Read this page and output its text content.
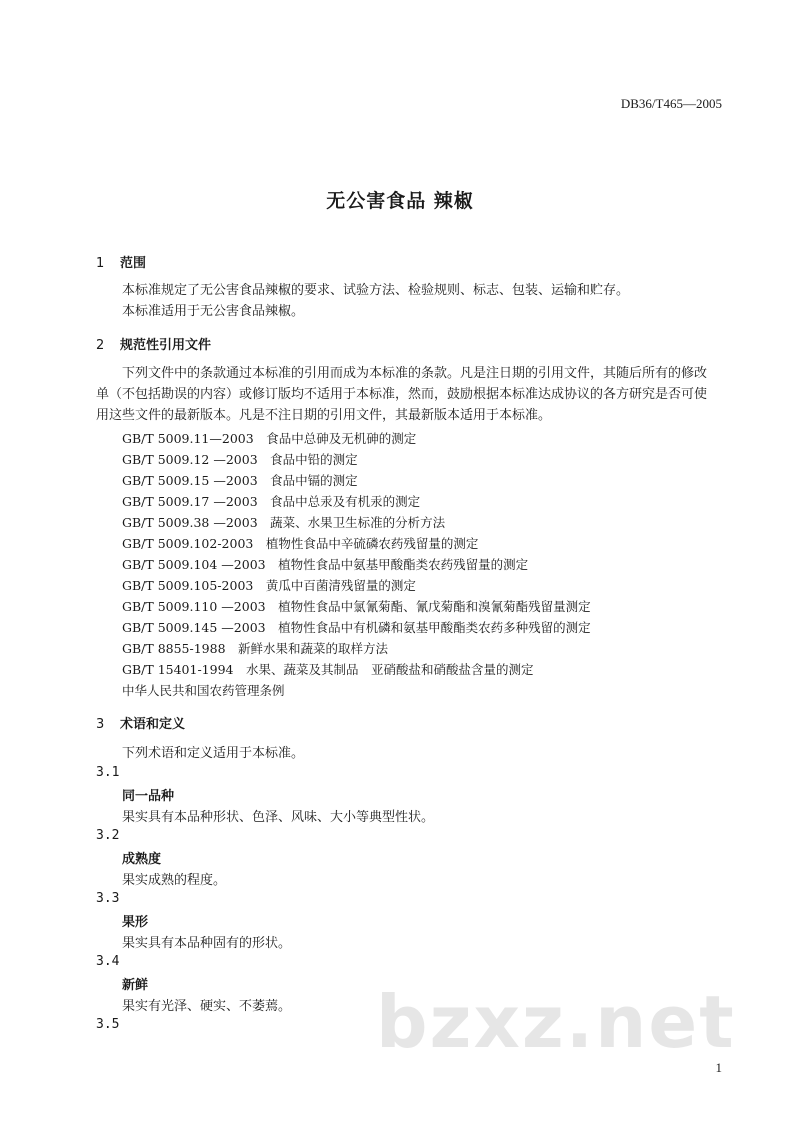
DB36/T465—2005
无公害食品 辣椒
1 范围
本标准规定了无公害食品辣椒的要求、试验方法、检验规则、标志、包装、运输和贮存。
本标准适用于无公害食品辣椒。
2 规范性引用文件
下列文件中的条款通过本标准的引用而成为本标准的条款。凡是注日期的引用文件，其随后所有的修改单（不包括勘误的内容）或修订版均不适用于本标准，然而，鼓励根据本标准达成协议的各方研究是否可使用这些文件的最新版本。凡是不注日期的引用文件，其最新版本适用于本标准。
GB/T 5009.11—2003　食品中总砷及无机砷的测定
GB/T 5009.12 —2003　食品中铅的测定
GB/T 5009.15 —2003　食品中镉的测定
GB/T 5009.17 —2003　食品中总汞及有机汞的测定
GB/T 5009.38 —2003　蔬菜、水果卫生标准的分析方法
GB/T 5009.102-2003　植物性食品中辛硫磷农药残留量的测定
GB/T 5009.104 —2003　植物性食品中氨基甲酸酯类农药残留量的测定
GB/T 5009.105-2003　黄瓜中百菌清残留量的测定
GB/T 5009.110 —2003　植物性食品中氯氰菊酯、氰戊菊酯和溴氰菊酯残留量测定
GB/T 5009.145 —2003　植物性食品中有机磷和氨基甲酸酯类农药多种残留的测定
GB/T 8855-1988　新鲜水果和蔬菜的取样方法
GB/T 15401-1994　水果、蔬菜及其制品　亚硝酸盐和硝酸盐含量的测定
中华人民共和国农药管理条例
3 术语和定义
下列术语和定义适用于本标准。
3.1
同一品种
果实具有本品种形状、色泽、风味、大小等典型性状。
3.2
成熟度
果实成熟的程度。
3.3
果形
果实具有本品种固有的形状。
3.4
新鲜
果实有光泽、硬实、不萎蔫。
3.5	bzxz.net
1
